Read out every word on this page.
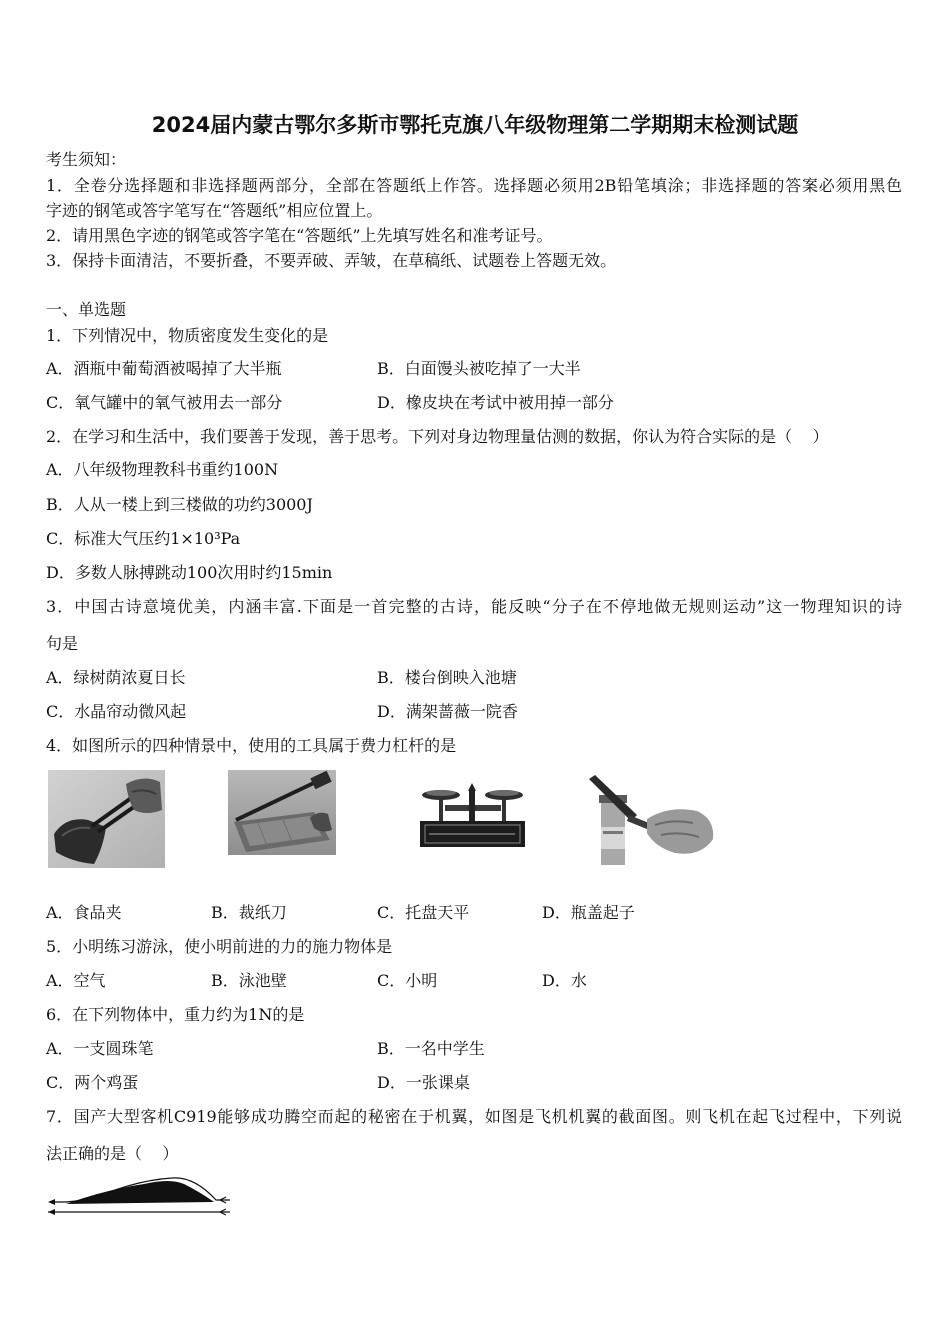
2024届内蒙古鄂尔多斯市鄂托克旗八年级物理第二学期期末检测试题
考生须知：
1．全卷分选择题和非选择题两部分，全部在答题纸上作答。选择题必须用2B铅笔填涂；非选择题的答案必须用黑色
字迹的钢笔或答字笔写在“答题纸”相应位置上。
2．请用黑色字迹的钢笔或答字笔在“答题纸”上先填写姓名和准考证号。
3．保持卡面清洁，不要折叠，不要弄破、弄皱，在草稿纸、试题卷上答题无效。
一、单选题
1．下列情况中，物质密度发生变化的是
A．酒瓶中葡萄酒被喝掉了大半瓶	B．白面馒头被吃掉了一大半
C．氧气罐中的氧气被用去一部分	D．橡皮块在考试中被用掉一部分
2．在学习和生活中，我们要善于发现，善于思考。下列对身边物理量估测的数据，你认为符合实际的是（    ）
A．八年级物理教科书重约100N
B．人从一楼上到三楼做的功约3000J
C．标准大气压约1×10³Pa
D．多数人脉搏跳动100次用时约15min
3．中国古诗意境优美，内涵丰富.下面是一首完整的古诗，能反映“分子在不停地做无规则运动”这一物理知识的诗
句是
A．绿树荫浓夏日长	B．楼台倒映入池塘
C．水晶帘动微风起	D．满架蔷薇一院香
4．如图所示的四种情景中，使用的工具属于费力杠杆的是
A．食品夹	B．裁纸刀	C．托盘天平	D．瓶盖起子
5．小明练习游泳，使小明前进的力的施力物体是
A．空气	B．泳池壁	C．小明	D．水
6．在下列物体中，重力约为1N的是
A．一支圆珠笔	B．一名中学生
C．两个鸡蛋	D．一张课桌
7．国产大型客机C919能够成功腾空而起的秘密在于机翼，如图是飞机机翼的截面图。则飞机在起飞过程中，下列说
法正确的是（    ）
